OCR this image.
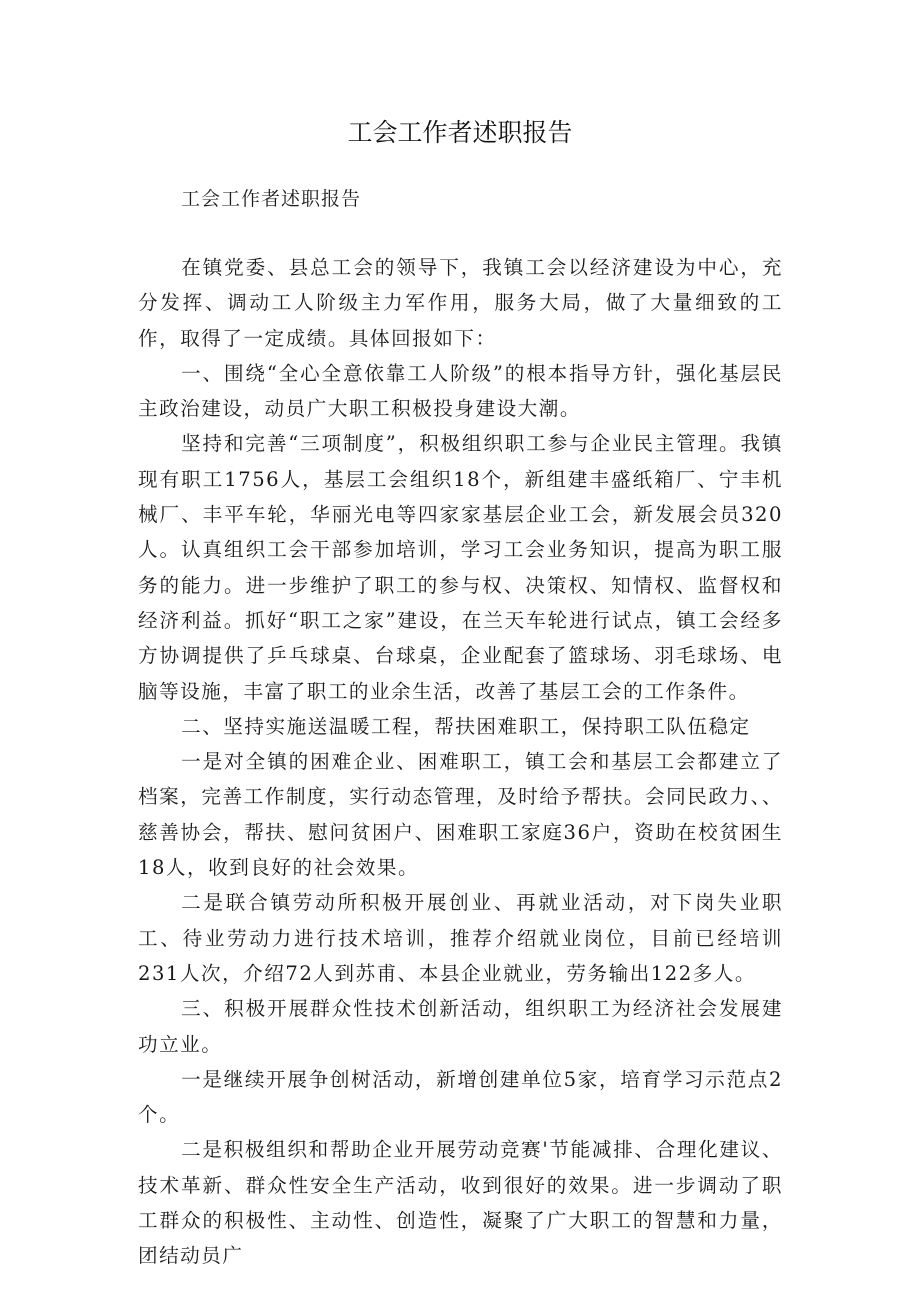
工会工作者述职报告
工会工作者述职报告

在镇党委、县总工会的领导下，我镇工会以经济建设为中心，充分发挥、调动工人阶级主力军作用，服务大局，做了大量细致的工作，取得了一定成绩。具体回报如下：

一、围绕“全心全意依靠工人阶级”的根本指导方针，强化基层民主政治建设，动员广大职工积极投身建设大潮。

坚持和完善“三项制度”，积极组织职工参与企业民主管理。我镇现有职工1756人，基层工会组织18个，新组建丰盛纸箱厂、宁丰机械厂、丰平车轮，华丽光电等四家家基层企业工会，新发展会员320人。认真组织工会干部参加培训，学习工会业务知识，提高为职工服务的能力。进一步维护了职工的参与权、决策权、知情权、监督权和经济利益。抓好“职工之家”建设，在兰天车轮进行试点，镇工会经多方协调提供了乒乓球桌、台球桌，企业配套了篮球场、羽毛球场、电脑等设施，丰富了职工的业余生活，改善了基层工会的工作条件。

二、坚持实施送温暖工程，帮扶困难职工，保持职工队伍稳定

一是对全镇的困难企业、困难职工，镇工会和基层工会都建立了档案，完善工作制度，实行动态管理，及时给予帮扶。会同民政力、、慈善协会，帮扶、慰问贫困户、困难职工家庭36户，资助在校贫困生18人，收到良好的社会效果。

二是联合镇劳动所积极开展创业、再就业活动，对下岗失业职工、待业劳动力进行技术培训，推荐介绍就业岗位，目前已经培训231人次，介绍72人到苏甫、本县企业就业，劳务输出122多人。

三、积极开展群众性技术创新活动，组织职工为经济社会发展建功立业。

一是继续开展争创树活动，新增创建单位5家，培育学习示范点2个。

二是积极组织和帮助企业开展劳动竞赛'节能减排、合理化建议、技术革新、群众性安全生产活动，收到很好的效果。进一步调动了职工群众的积极性、主动性、创造性，凝聚了广大职工的智慧和力量，团结动员广
